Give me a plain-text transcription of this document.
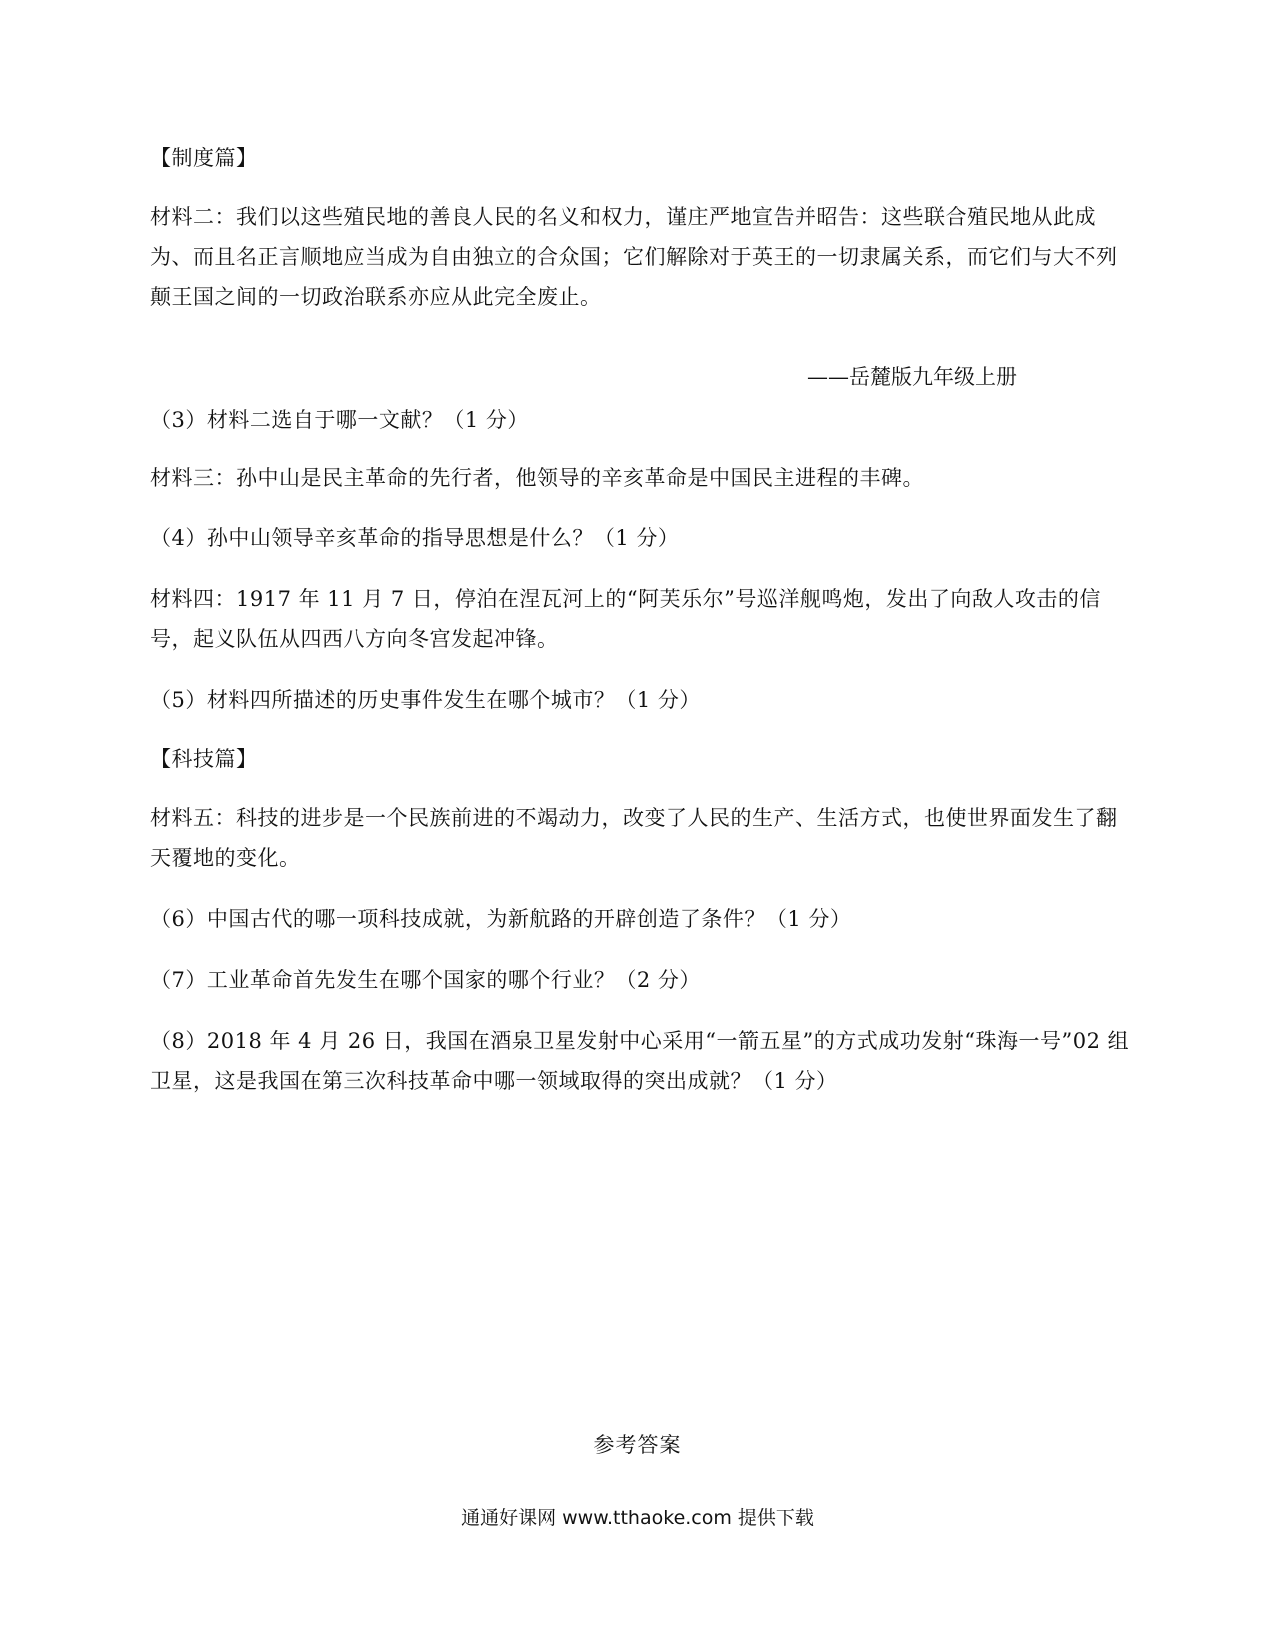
【制度篇】

材料二：我们以这些殖民地的善良人民的名义和权力，谨庄严地宣告并昭告：这些联合殖民地从此成为、而且名正言顺地应当成为自由独立的合众国；它们解除对于英王的一切隶属关系，而它们与大不列颠王国之间的一切政治联系亦应从此完全废止。

——岳麓版九年级上册

（3）材料二选自于哪一文献？（1 分）

材料三：孙中山是民主革命的先行者，他领导的辛亥革命是中国民主进程的丰碑。

（4）孙中山领导辛亥革命的指导思想是什么？（1 分）

材料四：1917 年 11 月 7 日，停泊在涅瓦河上的“阿芙乐尔”号巡洋舰鸣炮，发出了向敌人攻击的信号，起义队伍从四西八方向冬宫发起冲锋。

（5）材料四所描述的历史事件发生在哪个城市？（1 分）

【科技篇】

材料五：科技的进步是一个民族前进的不竭动力，改变了人民的生产、生活方式，也使世界面发生了翻天覆地的变化。

（6）中国古代的哪一项科技成就，为新航路的开辟创造了条件？（1 分）

（7）工业革命首先发生在哪个国家的哪个行业？（2 分）

（8）2018 年 4 月 26 日，我国在酒泉卫星发射中心采用“一箭五星”的方式成功发射“珠海一号”02 组卫星，这是我国在第三次科技革命中哪一领域取得的突出成就？（1 分）

参考答案

通通好课网 www.tthaoke.com 提供下载
